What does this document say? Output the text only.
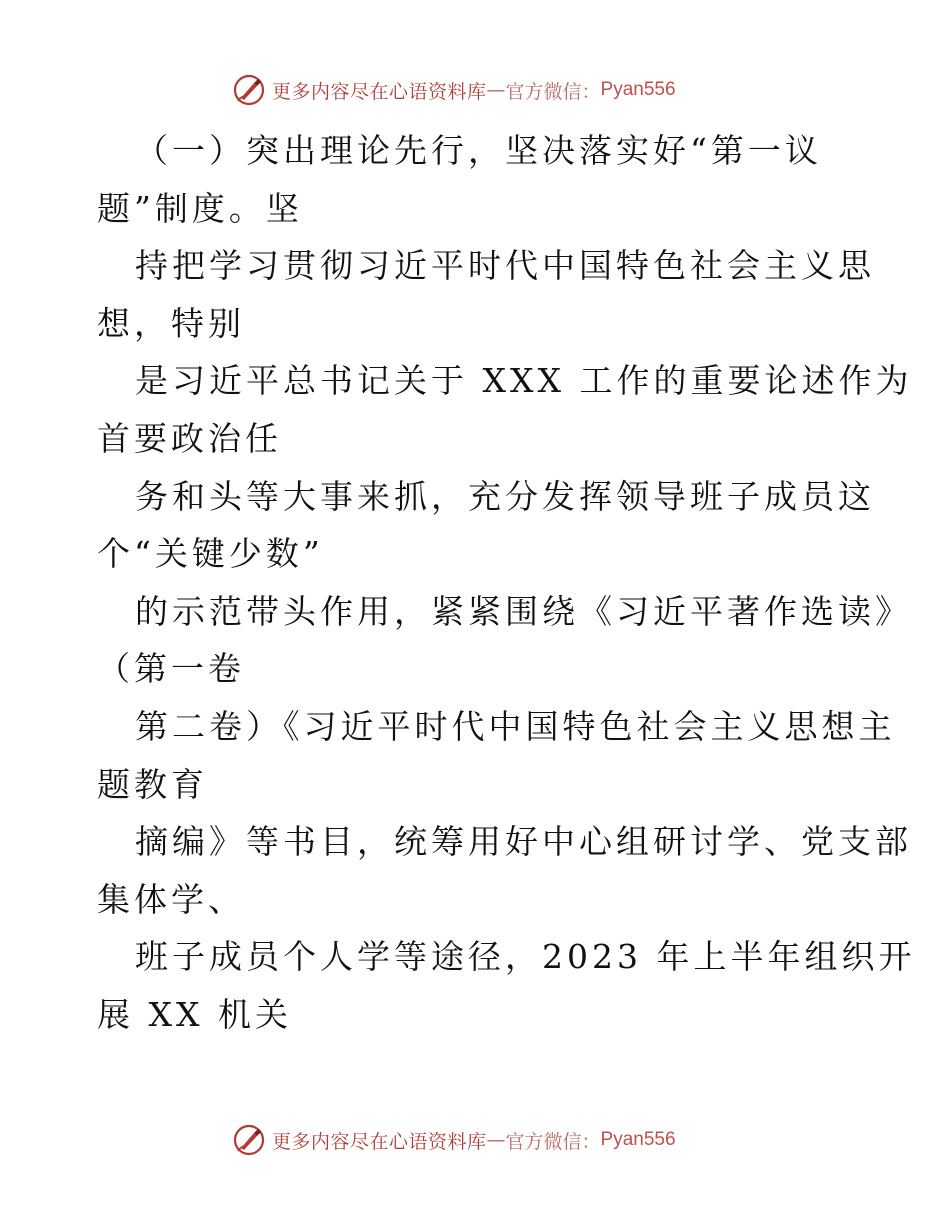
更多内容尽在心语资料库 — 官方微信： Pyan556
（一）突出理论先行，坚决落实好“第一议
题”制度。坚
持把学习贯彻习近平时代中国特色社会主义思
想，特别
是习近平总书记关于 XXX 工作的重要论述作为
首要政治任
务和头等大事来抓，充分发挥领导班子成员这
个“关键少数”
的示范带头作用，紧紧围绕《习近平著作选读》
（第一卷
第二卷）《习近平时代中国特色社会主义思想主
题教育
摘编》等书目，统筹用好中心组研讨学、党支部
集体学、
班子成员个人学等途径，2023 年上半年组织开
展 XX 机关
更多内容尽在心语资料库 — 官方微信： Pyan556
